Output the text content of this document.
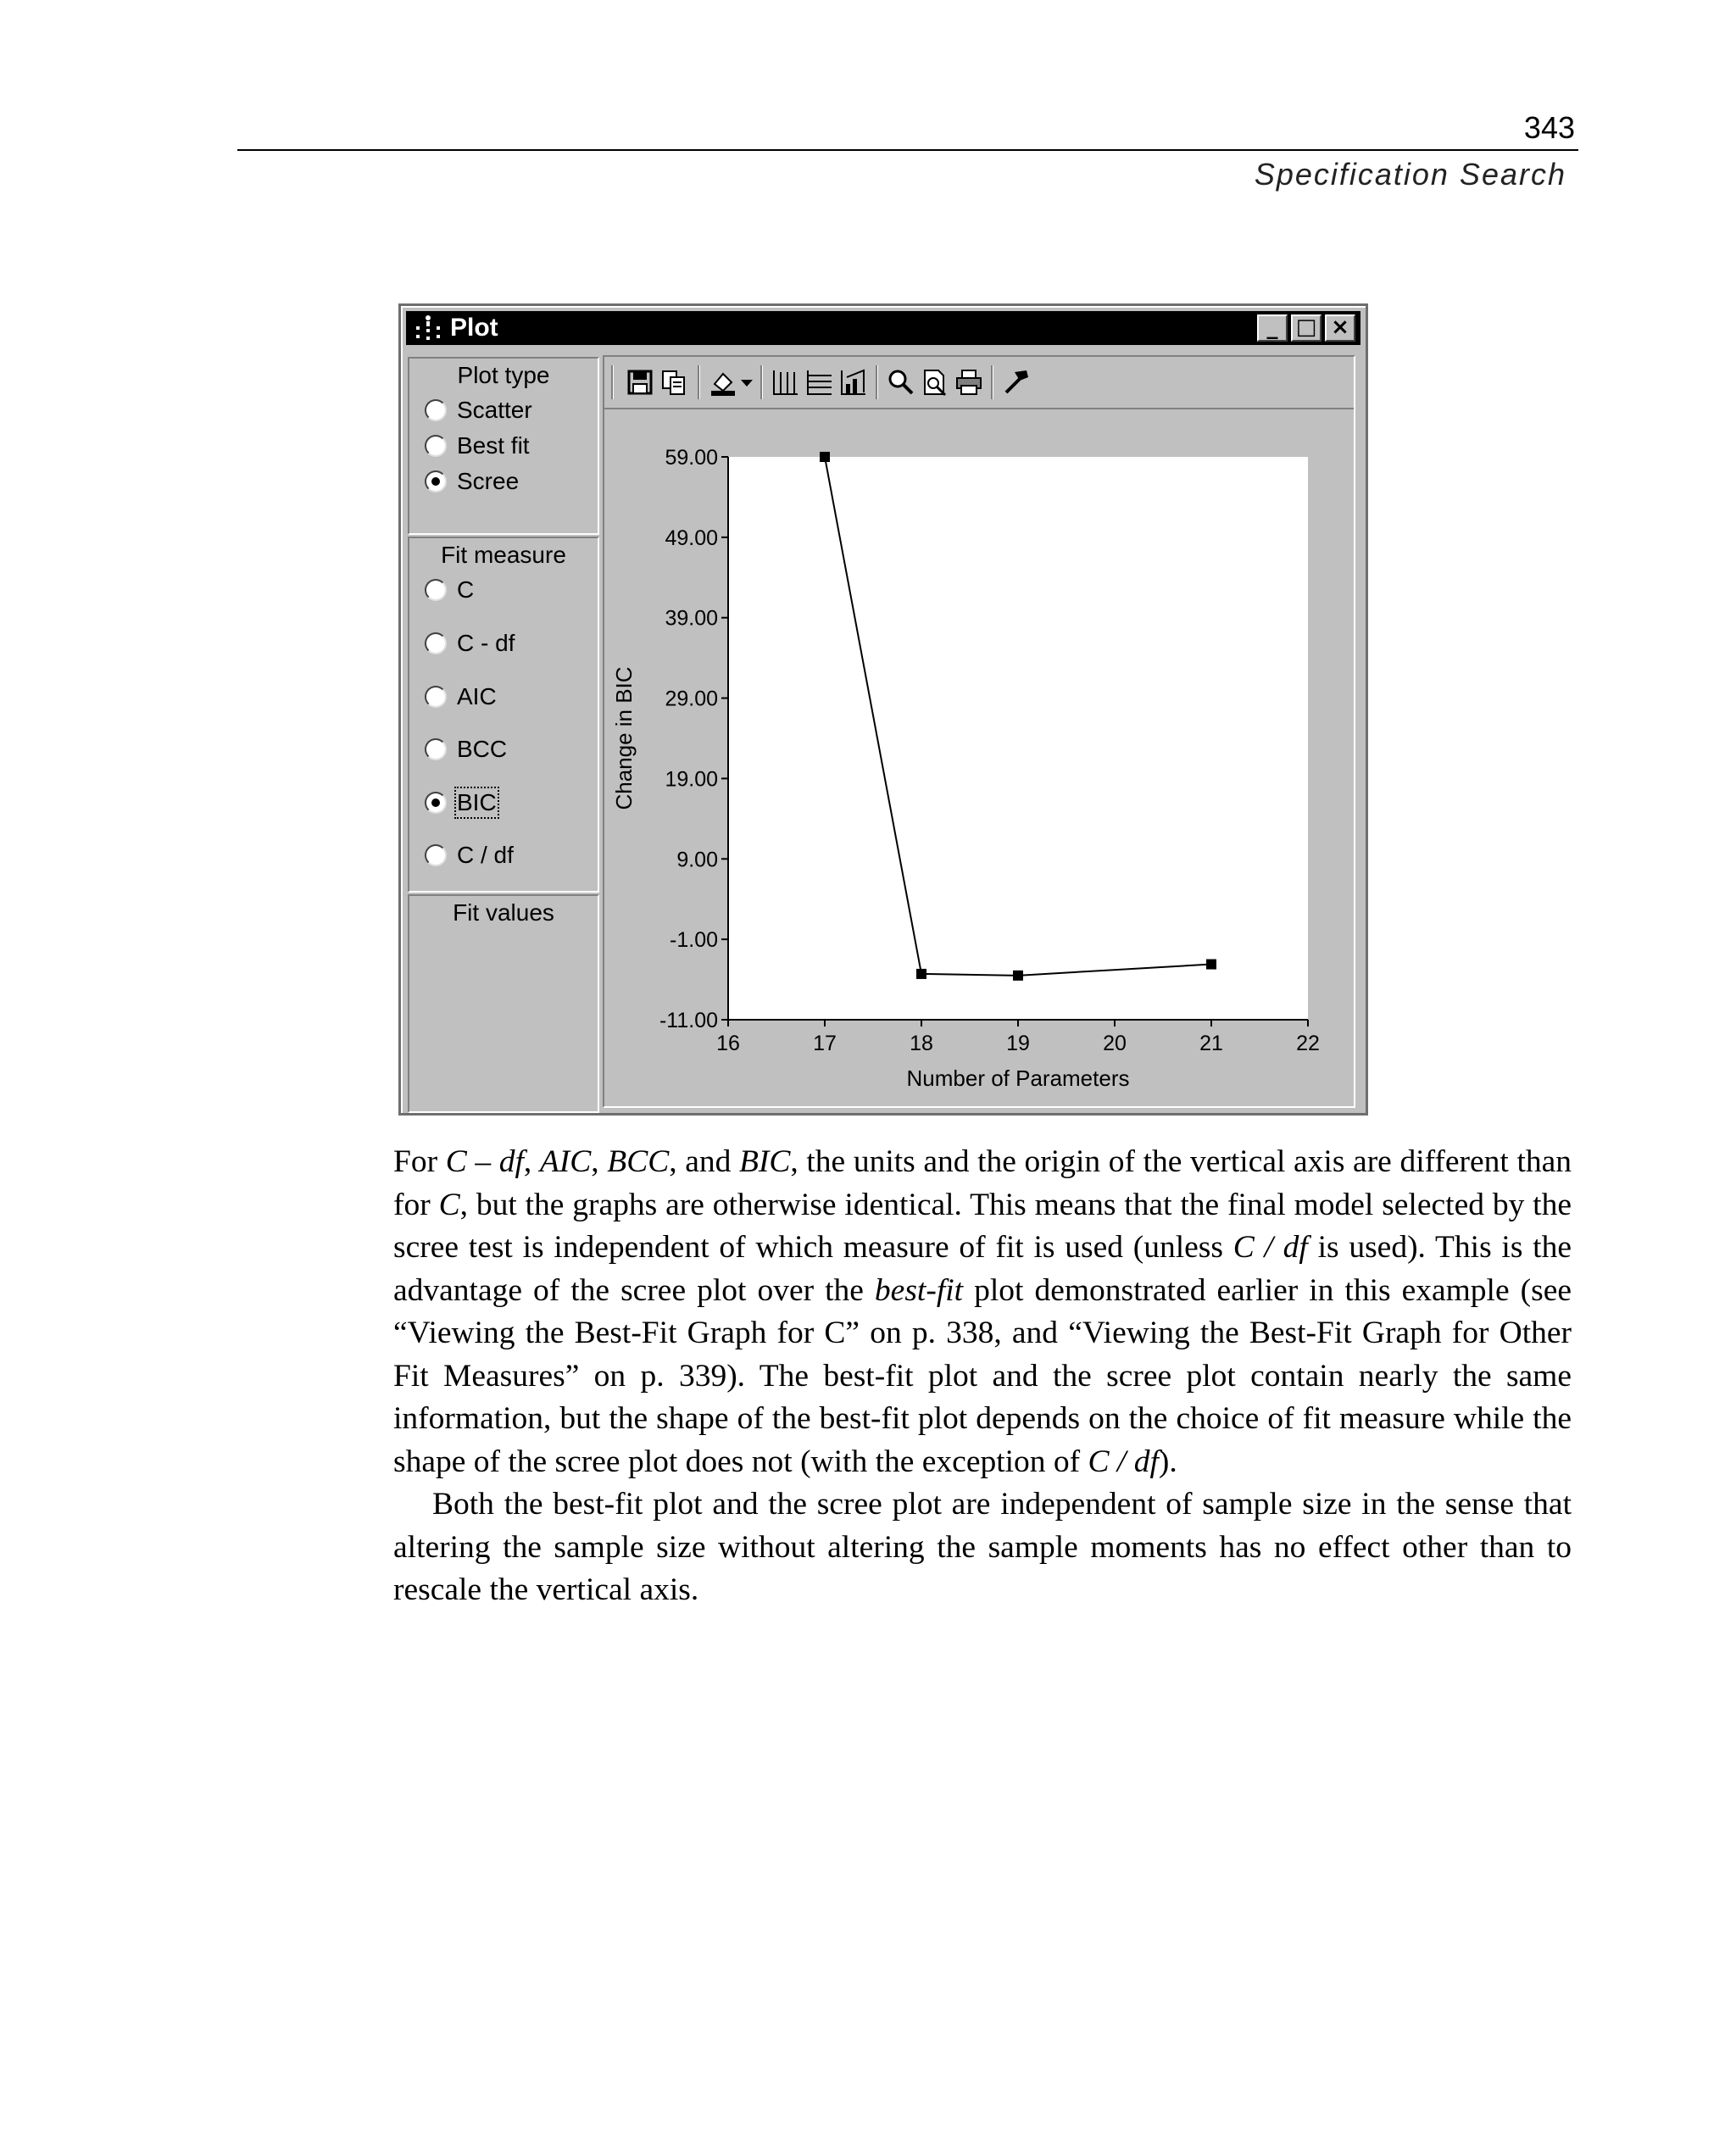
343
Specification Search
Plot	_ □ ×
Plot type
Scatter
Best fit
Scree
Fit measure
C
C - df
AIC
BCC
BIC
C / df
Fit values
59.00
49.00
39.00
29.00
19.00
9.00
-1.00
-11.00
16	17	18	19	20	21	22
Number of Parameters
Change in BIC

For C – df, AIC, BCC, and BIC, the units and the origin of the vertical axis are different than for C, but the graphs are otherwise identical. This means that the final model selected by the scree test is independent of which measure of fit is used (unless C / df is used). This is the advantage of the scree plot over the best-fit plot demonstrated earlier in this example (see “Viewing the Best-Fit Graph for C” on p. 338, and “Viewing the Best-Fit Graph for Other Fit Measures” on p. 339). The best-fit plot and the scree plot contain nearly the same information, but the shape of the best-fit plot depends on the choice of fit measure while the shape of the scree plot does not (with the exception of C / df).

Both the best-fit plot and the scree plot are independent of sample size in the sense that altering the sample size without altering the sample moments has no effect other than to rescale the vertical axis.
